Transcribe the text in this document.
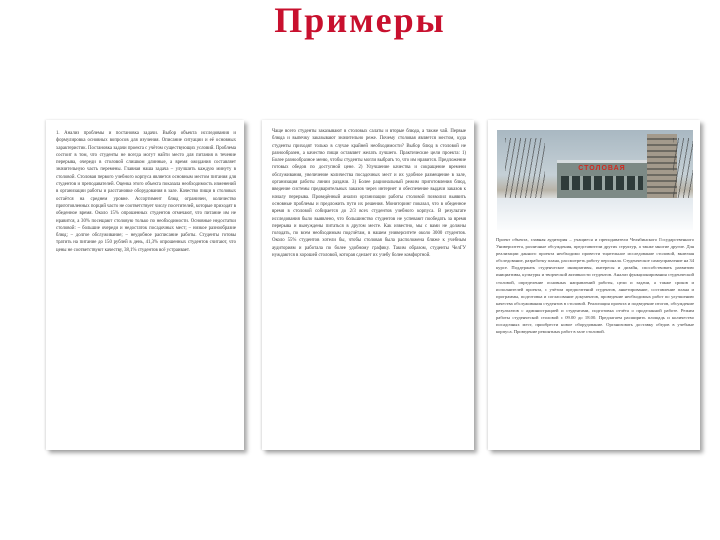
Примеры
1. Анализ проблемы и постановка задачи. Выбор объекта исследования и формулировка основных вопросов для изучения. Описание ситуации и её основных характеристик. Постановка задачи проекта с учётом существующих условий. Проблема состоит в том, что студенты не всегда могут найти место для питания в течение перерыва, очереди в столовой слишком длинные, а время ожидания составляет значительную часть перемены. Главная наша задача – улучшить каждую минуту в столовой. Столовая первого учебного корпуса является основным местом питания для студентов и преподавателей. Оценка этого объекта показала необходимость изменений в организации работы и расстановке оборудования в зале. Качество пищи в столовых остаётся на среднем уровне. Ассортимент блюд ограничен, количество приготовленных порций часто не соответствует числу посетителей, которые приходят в обеденное время. Около 15% опрошенных студентов отмечают, что питание им не нравится, а 30% посещают столовую только по необходимости. Основные недостатки столовой: – большие очереди и недостаток посадочных мест; – низкое разнообразие блюд; – долгое обслуживание; – неудобное расписание работы. Студенты готовы тратить на питание до 150 рублей в день, 41,3% опрошенных студентов считают, что цены не соответствуют качеству, 38,1% студентов всё устраивает.
Чаще всего студенты заказывают в столовых салаты и вторые блюда, а также чай. Первые блюда и выпечку заказывают значительно реже. Почему столовая является местом, куда студенты приходят только в случае крайней необходимости? Выбор блюд в столовой не разнообразен, а качество пищи оставляет желать лучшего. Практические цели проекта: 1) Более разнообразное меню, чтобы студенты могли выбрать то, что им нравится. Предложение готовых обедов по доступной цене. 2) Улучшение качества и сокращение времени обслуживания, увеличение количества посадочных мест и их удобное размещение в зале, организация работы линии раздачи. 3) Более рациональный режим приготовления блюд, введение системы предварительных заказов через интернет и обеспечение выдачи заказов к началу перерыва. Проведённый анализ организации работы столовой позволил выявить основные проблемы и предложить пути их решения. Мониторинг показал, что в обеденное время в столовой собирается до 2/3 всех студентов учебного корпуса. В результате исследования было выявлено, что большинство студентов не успевают пообедать за время перерыва и вынуждены питаться в другом месте. Как известно, мы с вами не должны голодать, по всем необходимым подсчётам, в нашем университете около 3000 студентов. Около 55% студентов хотели бы, чтобы столовая была расположена ближе к учебным аудиториям и работала по более удобному графику. Таким образом, студенты ЧелГУ нуждаются в хорошей столовой, которая сделает их учебу более комфортной.
СТОЛОВАЯ
Проект объекта, главная аудитория – учащиеся и преподаватели Челябинского Государственного Университета, различные обсуждения, представители других структур, а также многие другие. Для реализации данного проекта необходимо провести тщательное исследование столовой, включая обследование, разработку плана, рассмотреть работу персонала. Студенческое самоуправление на 34 курсе. Поддержать студенческое инициативы, интересы и дизайн, способствовать развитию инициативы, культуры и творческой активности студентов. Анализ функционирования студенческой столовой, определение основных направлений работы, цели и задачи, а также сроков и исполнителей проекта, с учётом предпочтений студентов, анкетирование, составление плана и программы, подготовка и согласование документов, проведение необходимых работ по улучшению качества обслуживания студентов в столовой. Реализация проекта и подведение итогов, обсуждение результатов с администрацией и студентами, подготовка отчёта о проделанной работе. Режим работы студенческой столовой с 09.00 до 18.00. Предлагаем расширить площадь и количество посадочных мест, приобрести новое оборудование. Организовать доставку обедов в учебные корпуса. Проведение ремонтных работ в зале столовой.
